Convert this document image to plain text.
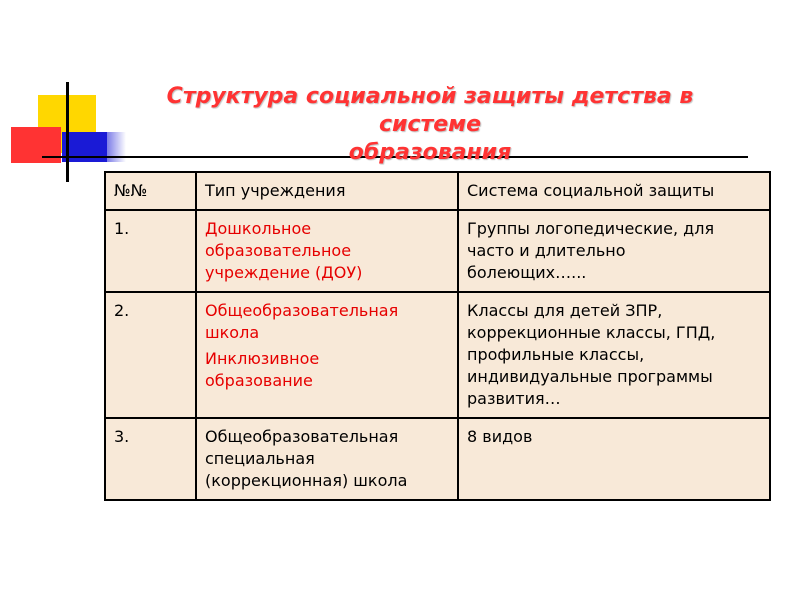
Структура социальной защиты детства в системе
образования
№№	Тип учреждения	Система социальной защиты
1.	Дошкольное
образовательное
учреждение (ДОУ)	Группы логопедические, для
часто и длительно
болеющих…...

2.	Общеобразовательная
школа
Инклюзивное
образование	Классы для детей ЗПР,
коррекционные классы, ГПД,
профильные классы,
индивидуальные программы
развития…

3.	Общеобразовательная
специальная
(коррекционная) школа	8 видов
